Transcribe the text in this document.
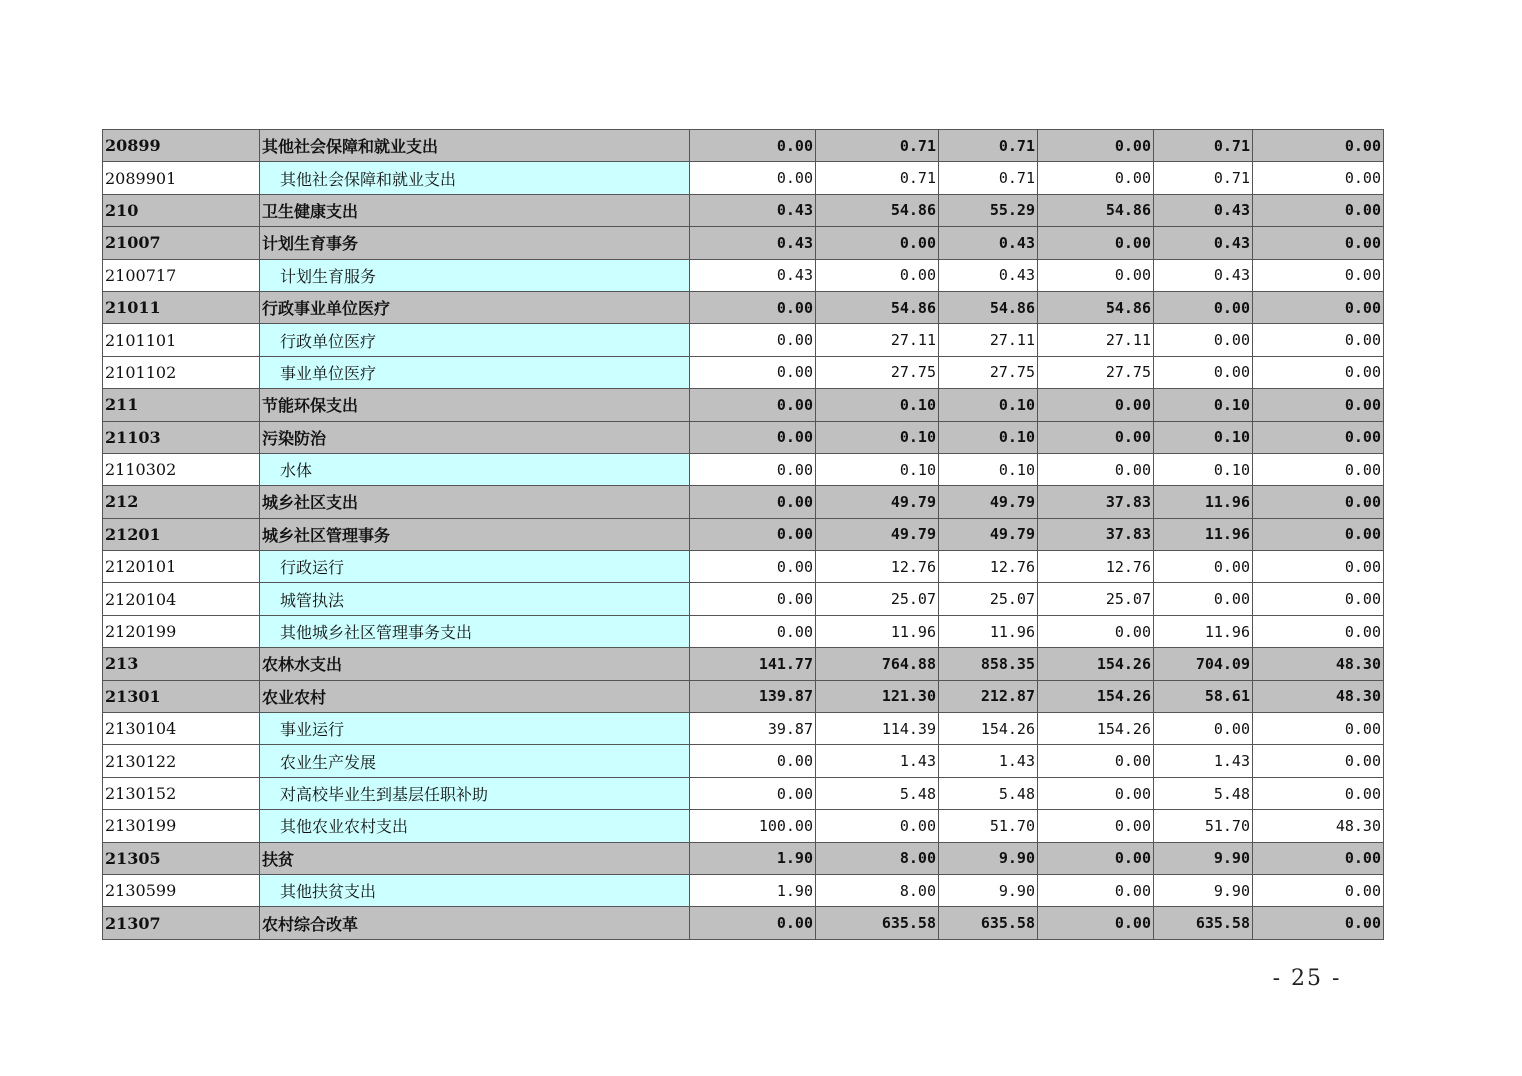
20899	其他社会保障和就业支出	0.00	0.71	0.71	0.00	0.71	0.00
2089901	其他社会保障和就业支出	0.00	0.71	0.71	0.00	0.71	0.00
210	卫生健康支出	0.43	54.86	55.29	54.86	0.43	0.00
21007	计划生育事务	0.43	0.00	0.43	0.00	0.43	0.00
2100717	计划生育服务	0.43	0.00	0.43	0.00	0.43	0.00
21011	行政事业单位医疗	0.00	54.86	54.86	54.86	0.00	0.00
2101101	行政单位医疗	0.00	27.11	27.11	27.11	0.00	0.00
2101102	事业单位医疗	0.00	27.75	27.75	27.75	0.00	0.00
211	节能环保支出	0.00	0.10	0.10	0.00	0.10	0.00
21103	污染防治	0.00	0.10	0.10	0.00	0.10	0.00
2110302	水体	0.00	0.10	0.10	0.00	0.10	0.00
212	城乡社区支出	0.00	49.79	49.79	37.83	11.96	0.00
21201	城乡社区管理事务	0.00	49.79	49.79	37.83	11.96	0.00
2120101	行政运行	0.00	12.76	12.76	12.76	0.00	0.00
2120104	城管执法	0.00	25.07	25.07	25.07	0.00	0.00
2120199	其他城乡社区管理事务支出	0.00	11.96	11.96	0.00	11.96	0.00
213	农林水支出	141.77	764.88	858.35	154.26	704.09	48.30
21301	农业农村	139.87	121.30	212.87	154.26	58.61	48.30
2130104	事业运行	39.87	114.39	154.26	154.26	0.00	0.00
2130122	农业生产发展	0.00	1.43	1.43	0.00	1.43	0.00
2130152	对高校毕业生到基层任职补助	0.00	5.48	5.48	0.00	5.48	0.00
2130199	其他农业农村支出	100.00	0.00	51.70	0.00	51.70	48.30
21305	扶贫	1.90	8.00	9.90	0.00	9.90	0.00
2130599	其他扶贫支出	1.90	8.00	9.90	0.00	9.90	0.00
21307	农村综合改革	0.00	635.58	635.58	0.00	635.58	0.00
- 25 -
